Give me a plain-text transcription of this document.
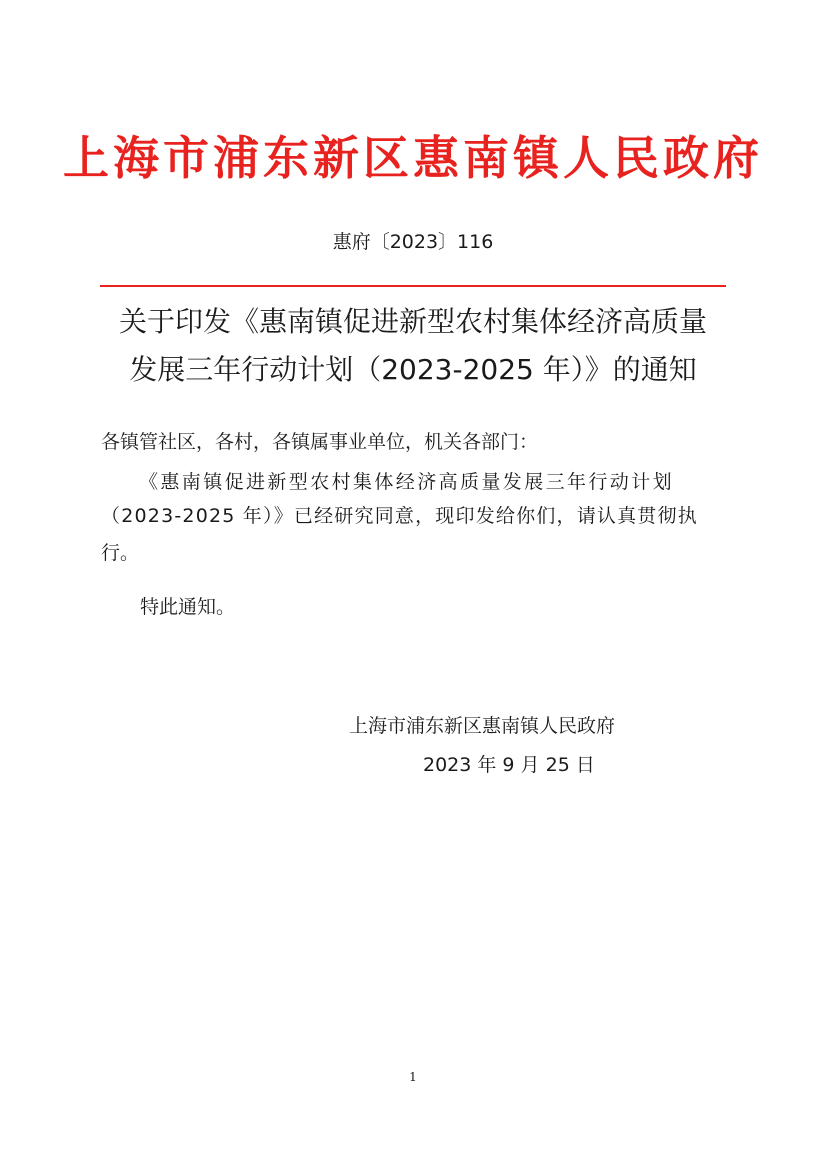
上海市浦东新区惠南镇人民政府
惠府〔2023〕116
关于印发《惠南镇促进新型农村集体经济高质量
发展三年行动计划（2023-2025 年）》的通知
各镇管社区，各村，各镇属事业单位，机关各部门：
《惠南镇促进新型农村集体经济高质量发展三年行动计划
（2023-2025 年）》已经研究同意，现印发给你们，请认真贯彻执
行。
特此通知。
上海市浦东新区惠南镇人民政府
2023 年 9 月 25 日
1
